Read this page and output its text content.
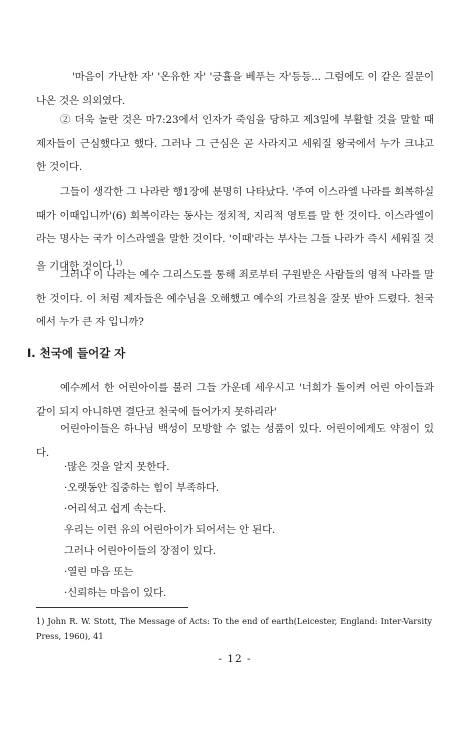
'마음이 가난한 자' '온유한 자' '긍휼을 베푸는 자'등등... 그럼에도 이 같은 질문이 나온 것은 의외였다.

② 더욱 놀란 것은 마7:23에서 인자가 죽임을 당하고 제3일에 부활할 것을 말할 때 제자들이 근심했다고 했다. 그러나 그 근심은 곧 사라지고 세워질 왕국에서 누가 크냐고 한 것이다.

그들이 생각한 그 나라란 행1장에 분명히 나타났다. '주여 이스라엘 나라를 회복하실 때가 이때입니까'(6) 회복이라는 동사는 정치적, 지리적 영토를 말 한 것이다. 이스라엘이라는 명사는 국가 이스라엘을 말한 것이다. '이때'라는 부사는 그들 나라가 즉시 세워질 것을 기대한 것이다.$^{1)}$

그러나 이 나라는 예수 그리스도를 통해 죄로부터 구원받은 사람들의 영적 나라를 말한 것이다. 이 처럼 제자들은 예수님을 오해했고 예수의 가르침을 잘못 받아 드렸다. 천국에서 누가 큰 자 입니까?

Ⅰ. 천국에 들어갈 자

예수께서 한 어린아이를 불러 그들 가운데 세우시고 '너희가 돌이켜 어린 아이들과 같이 되지 아니하면 결단코 천국에 들어가지 못하리라'

어린아이들은 하나님 백성이 모방할 수 없는 성품이 있다. 어린이에게도 약점이 있다.

·많은 것을 알지 못한다.
·오랫동안 집중하는 힘이 부족하다.
·어리석고 쉽게 속는다.
우리는 이런 유의 어린아이가 되어서는 안 된다.
그러나 어린아이들의 장점이 있다.
·열린 마음 또는
·신뢰하는 마음이 있다.

1) John R. W. Stott, The Message of Acts: To the end of earth(Leicester, England: Inter-Varsity Press, 1960), 41

- 12 -
